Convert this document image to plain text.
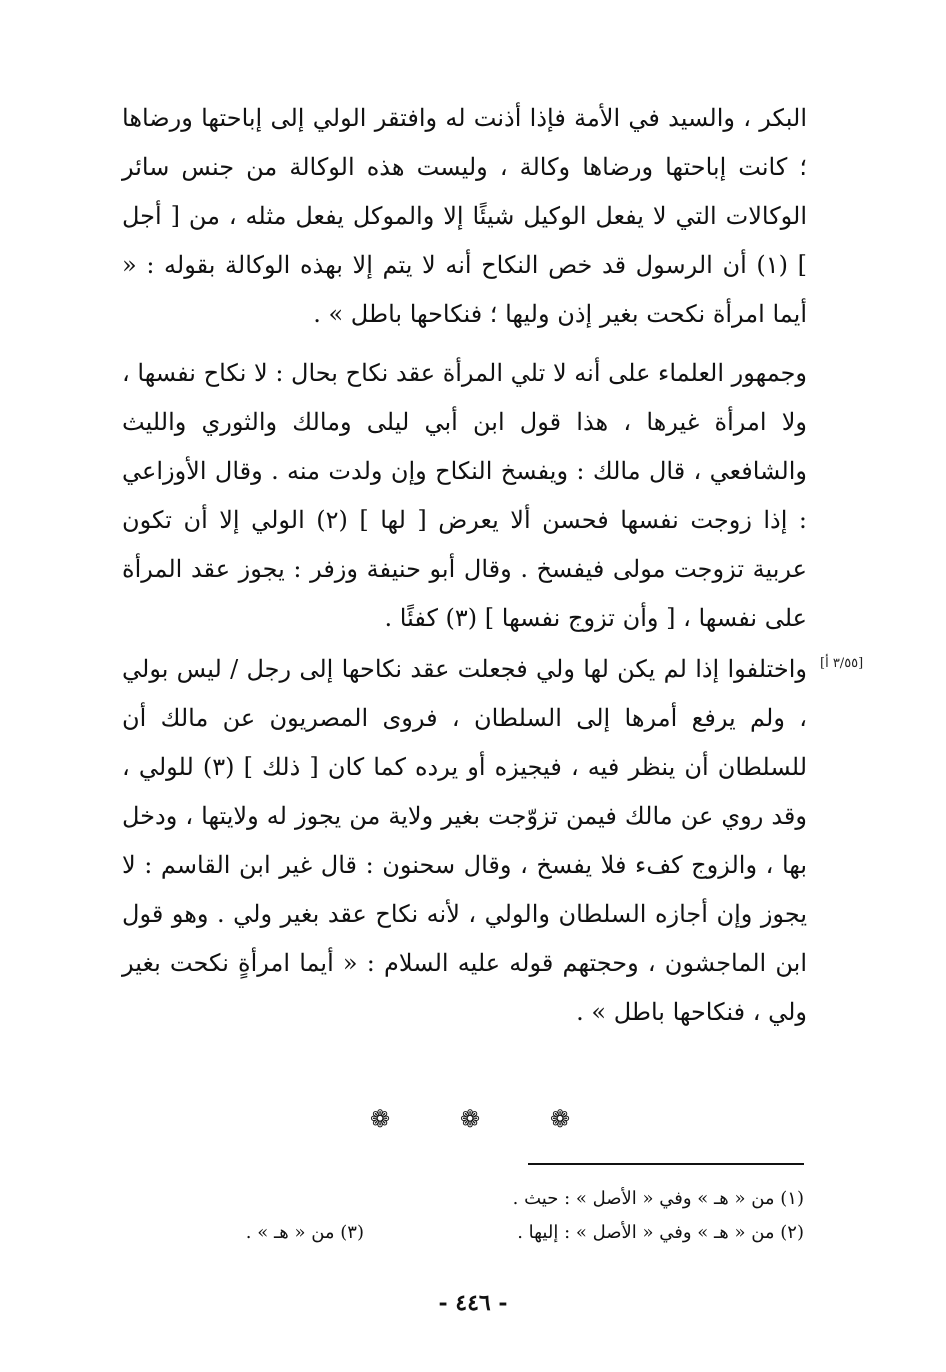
البكر ، والسيد في الأمة فإذا أذنت له وافتقر الولي إلى إباحتها ورضاها ؛ كانت إباحتها ورضاها وكالة ، وليست هذه الوكالة من جنس سائر الوكالات التي لا يفعل الوكيل شيئًا إلا والموكل يفعل مثله ، من [ أجل ] (١) أن الرسول قد خص النكاح أنه لا يتم إلا بهذه الوكالة بقوله : « أيما امرأة نكحت بغير إذن وليها ؛ فنكاحها باطل » .

وجمهور العلماء على أنه لا تلي المرأة عقد نكاح بحال : لا نكاح نفسها ، ولا امرأة غيرها ، هذا قول ابن أبي ليلى ومالك والثوري والليث والشافعي ، قال مالك : ويفسخ النكاح وإن ولدت منه . وقال الأوزاعي : إذا زوجت نفسها فحسن ألا يعرض [ لها ] (٢) الولي إلا أن تكون عربية تزوجت مولى فيفسخ . وقال أبو حنيفة وزفر : يجوز عقد المرأة على نفسها ، [ وأن تزوج نفسها ] (٣) كفئًا .

واختلفوا إذا لم يكن لها ولي فجعلت عقد نكاحها إلى رجل / ليس بولي ، ولم يرفع أمرها إلى السلطان ، فروى المصريون عن مالك أن للسلطان أن ينظر فيه ، فيجيزه أو يرده كما كان [ ذلك ] (٣) للولي ، وقد روي عن مالك فيمن تزوّجت بغير ولاية من يجوز له ولايتها ، ودخل بها ، والزوج كفء فلا يفسخ ، وقال سحنون : قال غير ابن القاسم : لا يجوز وإن أجازه السلطان والولي ، لأنه نكاح عقد بغير ولي . وهو قول ابن الماجشون ، وحجتهم قوله عليه السلام : « أيما امرأةٍ نكحت بغير ولي ، فنكاحها باطل » .

[٣/٥٥ أ]
❁	❁	❁
(١) من « هـ » وفي « الأصل » : حيث .
(٢) من « هـ » وفي « الأصل » : إليها .
(٣) من « هـ » .
- ٤٤٦ -
